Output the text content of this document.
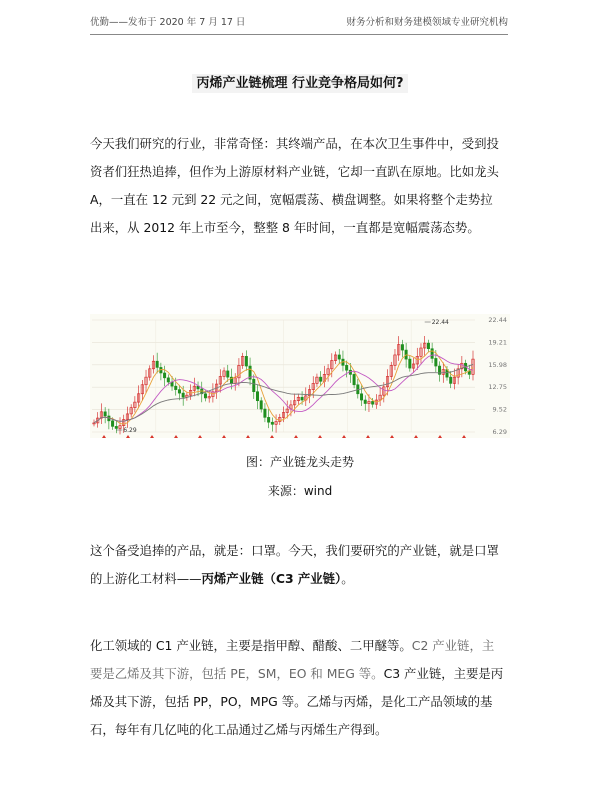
优勤——发布于 2020 年 7 月 17 日	财务分析和财务建模领域专业研究机构
丙烯产业链梳理 行业竞争格局如何?

今天我们研究的行业，非常奇怪：其终端产品，在本次卫生事件中，受到投资者们狂热追捧，但作为上游原材料产业链，它却一直趴在原地。比如龙头 A，一直在 12 元到 22 元之间，宽幅震荡、横盘调整。如果将整个走势拉出来，从 2012 年上市至今，整整 8 年时间，一直都是宽幅震荡态势。

22.44
19.21
15.98
12.75
9.52
6.29
22.44
6.29
图：产业链龙头走势
来源：wind

这个备受追捧的产品，就是：口罩。今天，我们要研究的产业链，就是口罩的上游化工材料——丙烯产业链（C3 产业链）。

化工领域的 C1 产业链，主要是指甲醇、醋酸、二甲醚等。C2 产业链，主要是乙烯及其下游，包括 PE，SM，EO 和 MEG 等。C3 产业链，主要是丙烯及其下游，包括 PP，PO，MPG 等。乙烯与丙烯，是化工产品领域的基石，每年有几亿吨的化工品通过乙烯与丙烯生产得到。
